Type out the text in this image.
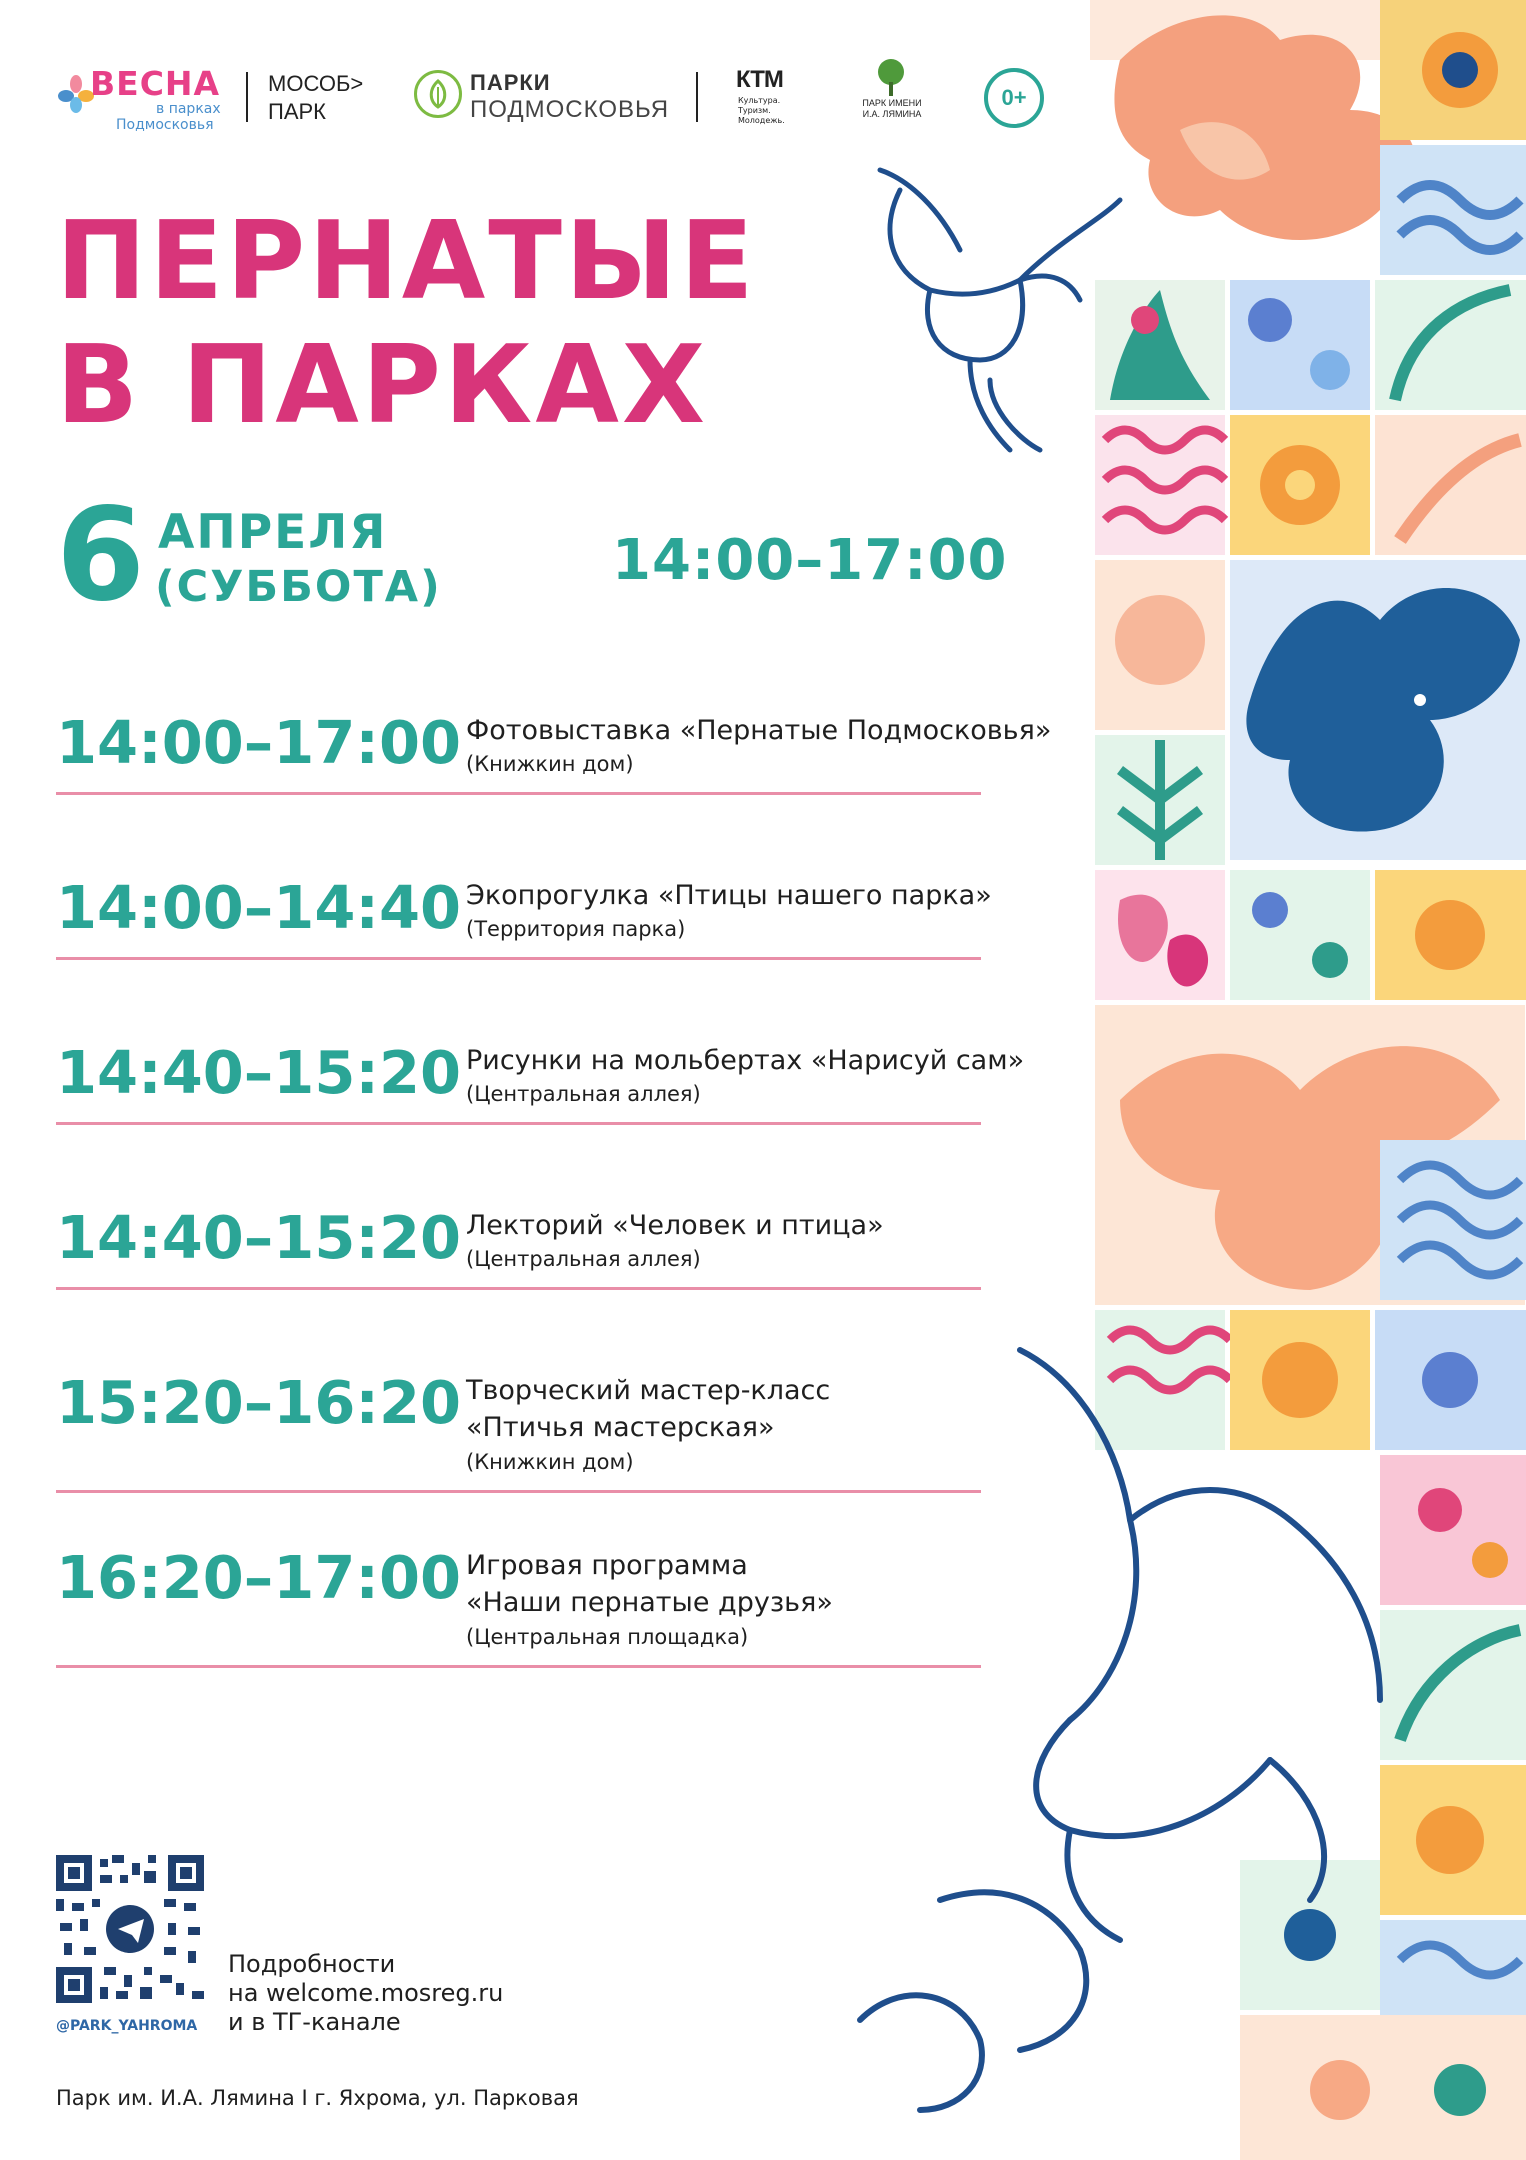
ВЕСНА
в парках
Подмосковья
МОСОБ>
ПАРК
ПАРКИ
ПОДМОСКОВЬЯ
КТМ
Культура.
Туризм.
Молодежь.
ПАРК ИМЕНИ
И.А. ЛЯМИНА
0+
ПЕРНАТЫЕ
В ПАРКАХ
6 АПРЕЛЯ
(СУББОТА)	14:00–17:00
14:00–17:00 Фотовыставка «Пернатые Подмосковья»
(Книжкин дом)
14:00–14:40 Экопрогулка «Птицы нашего парка»
(Территория парка)
14:40–15:20 Рисунки на мольбертах «Нарисуй сам»
(Центральная аллея)
14:40–15:20 Лекторий «Человек и птица»
(Центральная аллея)
15:20–16:20 Творческий мастер-класс
«Птичья мастерская»
(Книжкин дом)
16:20–17:00 Игровая программа
«Наши пернатые друзья»
(Центральная площадка)
@PARK_YAHROMA
Подробности
на welcome.mosreg.ru
и в ТГ-канале
Парк им. И.А. Лямина I г. Яхрома, ул. Парковая
